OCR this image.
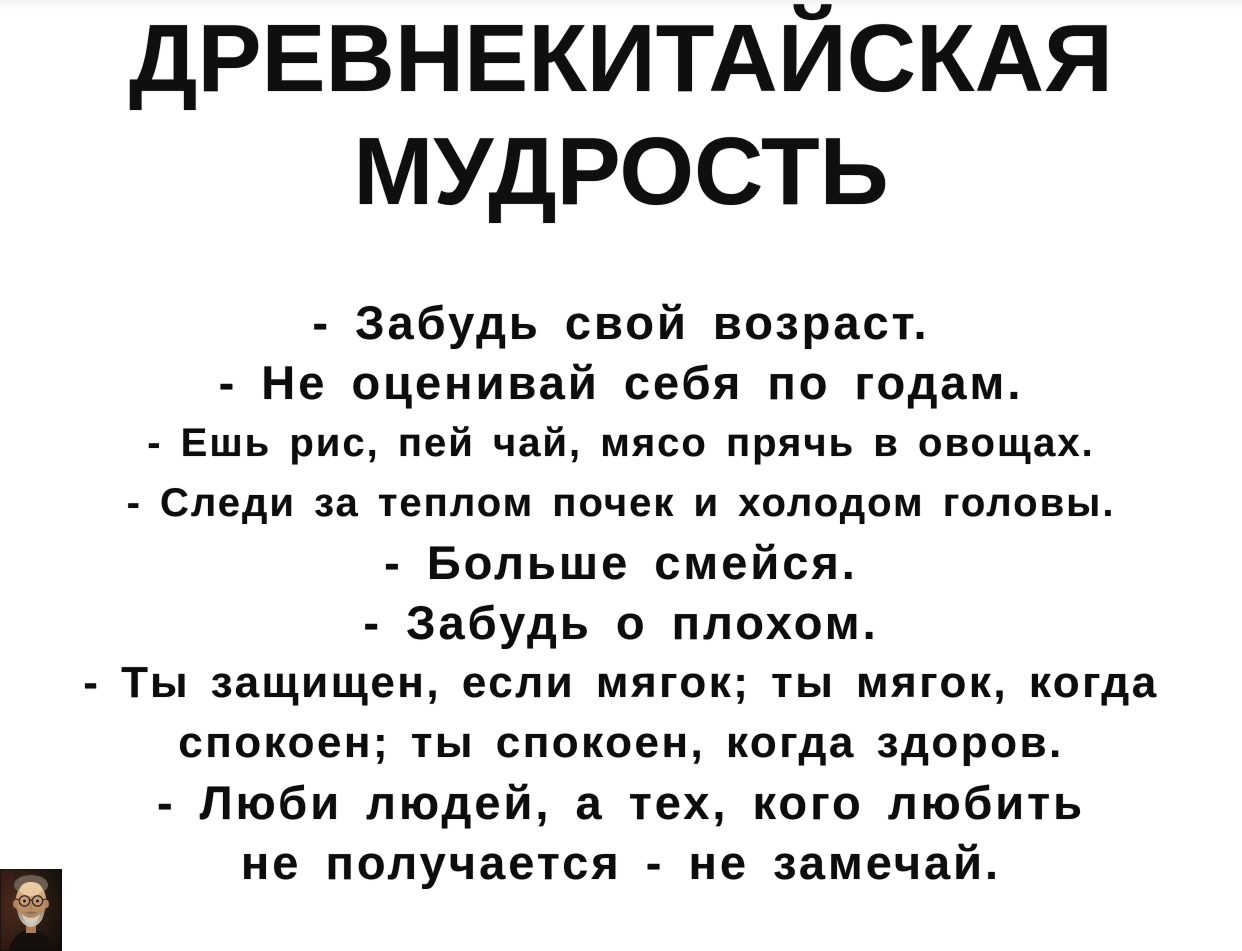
ДРЕВНЕКИТАЙСКАЯ
МУДРОСТЬ
- Забудь свой возраст.
- Не оценивай себя по годам.
- Ешь рис, пей чай, мясо прячь в овощах.
- Следи за теплом почек и холодом головы.
- Больше смейся.
- Забудь о плохом.
- Ты защищен, если мягок; ты мягок, когда
спокоен; ты спокоен, когда здоров.
- Люби людей, а тех, кого любить
не получается - не замечай.
